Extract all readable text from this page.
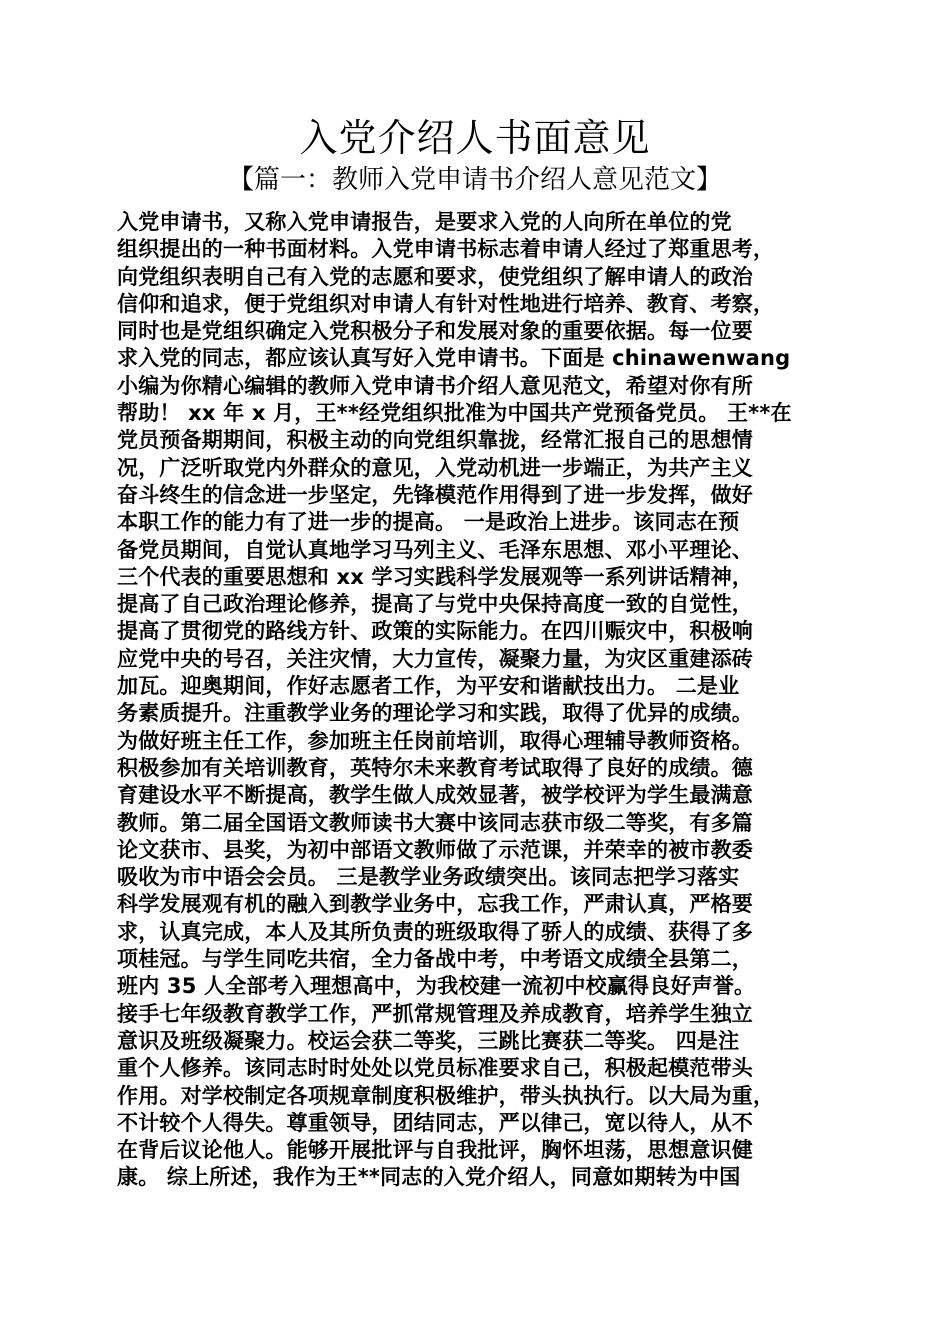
入党介绍人书面意见
【篇一：教师入党申请书介绍人意见范文】
入党申请书，又称入党申请报告，是要求入党的人向所在单位的党
组织提出的一种书面材料。入党申请书标志着申请人经过了郑重思考，
向党组织表明自己有入党的志愿和要求，使党组织了解申请人的政治
信仰和追求，便于党组织对申请人有针对性地进行培养、教育、考察，
同时也是党组织确定入党积极分子和发展对象的重要依据。每一位要
求入党的同志，都应该认真写好入党申请书。下面是 chinawenwang
小编为你精心编辑的教师入党申请书介绍人意见范文，希望对你有所
帮助！ xx 年 x 月，王**经党组织批准为中国共产党预备党员。 王**在
党员预备期期间，积极主动的向党组织靠拢，经常汇报自己的思想情
况，广泛听取党内外群众的意见，入党动机进一步端正，为共产主义
奋斗终生的信念进一步坚定，先锋模范作用得到了进一步发挥，做好
本职工作的能力有了进一步的提高。 一是政治上进步。该同志在预
备党员期间，自觉认真地学习马列主义、毛泽东思想、邓小平理论、
三个代表的重要思想和 xx 学习实践科学发展观等一系列讲话精神，
提高了自己政治理论修养，提高了与党中央保持高度一致的自觉性，
提高了贯彻党的路线方针、政策的实际能力。在四川赈灾中，积极响
应党中央的号召，关注灾情，大力宣传，凝聚力量，为灾区重建添砖
加瓦。迎奥期间，作好志愿者工作，为平安和谐献技出力。 二是业
务素质提升。注重教学业务的理论学习和实践，取得了优异的成绩。
为做好班主任工作，参加班主任岗前培训，取得心理辅导教师资格。
积极参加有关培训教育，英特尔未来教育考试取得了良好的成绩。德
育建设水平不断提高，教学生做人成效显著，被学校评为学生最满意
教师。第二届全国语文教师读书大赛中该同志获市级二等奖，有多篇
论文获市、县奖，为初中部语文教师做了示范课，并荣幸的被市教委
吸收为市中语会会员。 三是教学业务政绩突出。该同志把学习落实
科学发展观有机的融入到教学业务中，忘我工作，严肃认真，严格要
求，认真完成，本人及其所负责的班级取得了骄人的成绩、获得了多
项桂冠。与学生同吃共宿，全力备战中考，中考语文成绩全县第二，
班内 35 人全部考入理想高中，为我校建一流初中校赢得良好声誉。
接手七年级教育教学工作，严抓常规管理及养成教育，培养学生独立
意识及班级凝聚力。校运会获二等奖，三跳比赛获二等奖。 四是注
重个人修养。该同志时时处处以党员标准要求自己，积极起模范带头
作用。对学校制定各项规章制度积极维护，带头执执行。以大局为重，
不计较个人得失。尊重领导，团结同志，严以律己，宽以待人，从不
在背后议论他人。能够开展批评与自我批评，胸怀坦荡，思想意识健
康。 综上所述，我作为王**同志的入党介绍人，同意如期转为中国
